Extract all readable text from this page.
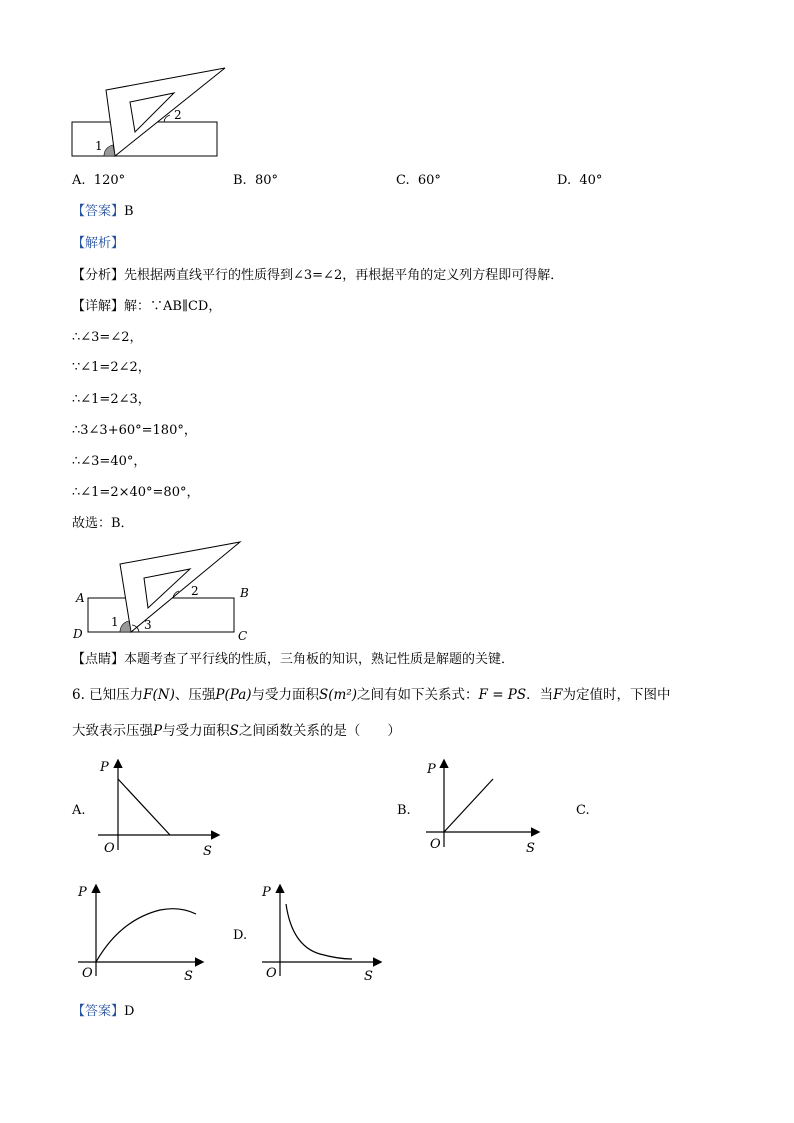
1
2
A. 120°	B. 80°	C. 60°	D. 40°
【答案】B
【解析】
【分析】先根据两直线平行的性质得到∠3=∠2，再根据平角的定义列方程即可得解．
【详解】解：∵AB∥CD，
∴∠3=∠2，
∵∠1=2∠2，
∴∠1=2∠3，
∴3∠3+60°=180°，
∴∠3=40°，
∴∠1=2×40°=80°，
故选：B．
A	B
C
D
1
2
3
【点睛】本题考查了平行线的性质，三角板的知识，熟记性质是解题的关键．
6. 已知压力F(N)、压强P(Pa)与受力面积S(m²)之间有如下关系式：F = PS．当F为定值时，下图中
大致表示压强P与受力面积S之间函数关系的是（　　）
A.
P
O	S
B.
P
O	S
C.
P
O	S
D.
P
O	S
【答案】D
